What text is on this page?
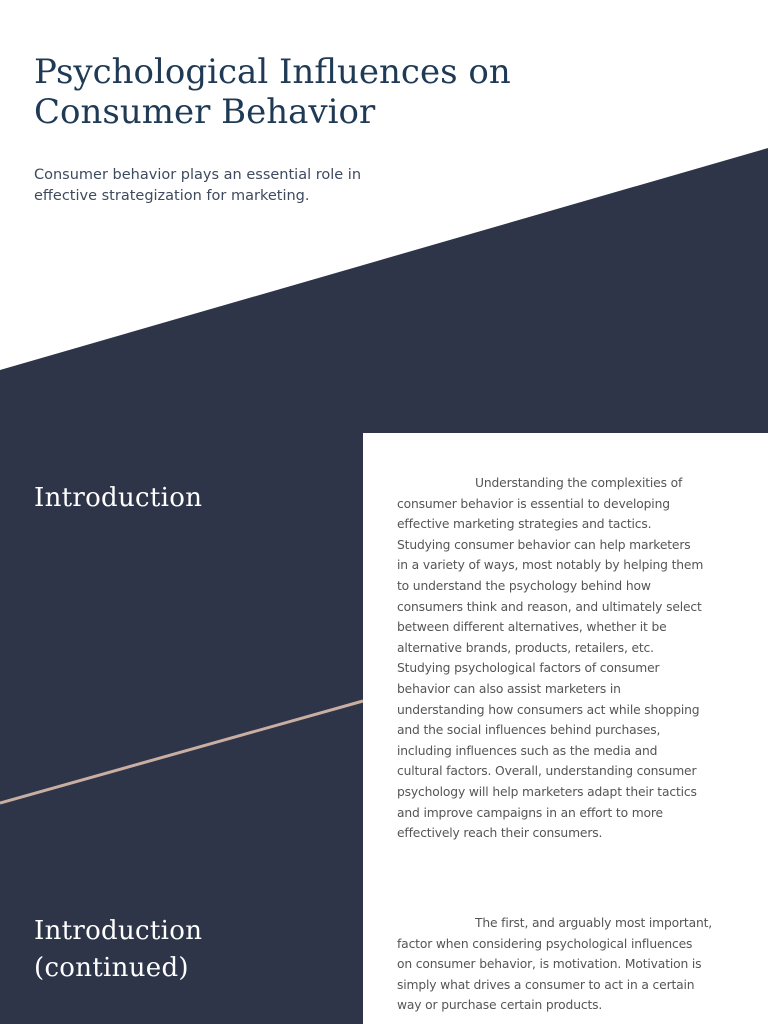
Psychological Influences on
Consumer Behavior

Consumer behavior plays an essential role in
effective strategization for marketing.

Introduction
Introduction
(continued)
Understanding the complexities of
consumer behavior is essential to developing
effective marketing strategies and tactics.
Studying consumer behavior can help marketers
in a variety of ways, most notably by helping them
to understand the psychology behind how
consumers think and reason, and ultimately select
between different alternatives, whether it be
alternative brands, products, retailers, etc.
Studying psychological factors of consumer
behavior can also assist marketers in
understanding how consumers act while shopping
and the social influences behind purchases,
including influences such as the media and
cultural factors. Overall, understanding consumer
psychology will help marketers adapt their tactics
and improve campaigns in an effort to more
effectively reach their consumers.
The first, and arguably most important,
factor when considering psychological influences
on consumer behavior, is motivation. Motivation is
simply what drives a consumer to act in a certain
way or purchase certain products.
